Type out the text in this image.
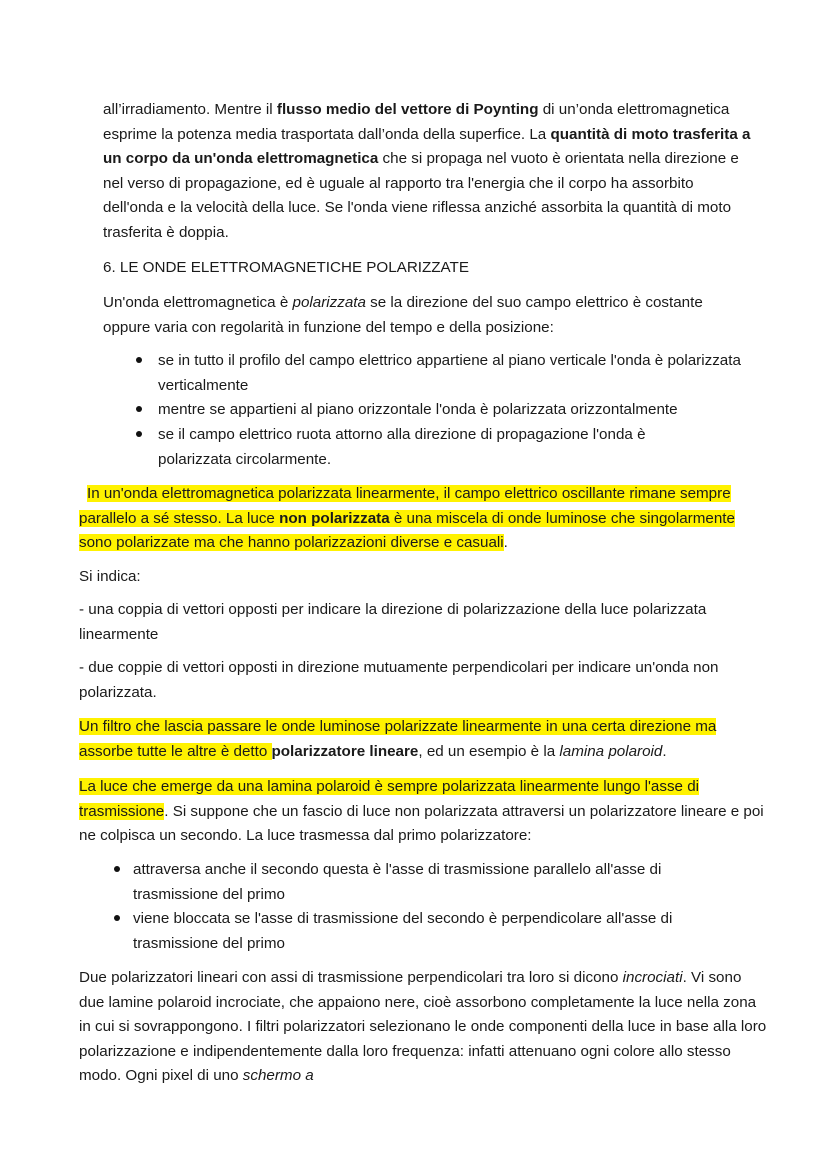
all’irradiamento. Mentre il flusso medio del vettore di Poynting di un’onda elettromagnetica esprime la potenza media trasportata dall’onda della superfice. La quantità di moto trasferita a un corpo da un'onda elettromagnetica che si propaga nel vuoto è orientata nella direzione e nel verso di propagazione, ed è uguale al rapporto tra l'energia che il corpo ha assorbito dell'onda e la velocità della luce. Se l'onda viene riflessa anziché assorbita la quantità di moto trasferita è doppia.

6. LE ONDE ELETTROMAGNETICHE POLARIZZATE

Un'onda elettromagnetica è polarizzata se la direzione del suo campo elettrico è costante oppure varia con regolarità in funzione del tempo e della posizione:

se in tutto il profilo del campo elettrico appartiene al piano verticale l'onda è polarizzata verticalmente

mentre se appartieni al piano orizzontale l'onda è polarizzata orizzontalmente

se il campo elettrico ruota attorno alla direzione di propagazione l'onda è polarizzata circolarmente.

In un'onda elettromagnetica polarizzata linearmente, il campo elettrico oscillante rimane sempre parallelo a sé stesso. La luce non polarizzata è una miscela di onde luminose che singolarmente sono polarizzate ma che hanno polarizzazioni diverse e casuali.

Si indica:

- una coppia di vettori opposti per indicare la direzione di polarizzazione della luce polarizzata linearmente

- due coppie di vettori opposti in direzione mutuamente perpendicolari per indicare un'onda non polarizzata.

Un filtro che lascia passare le onde luminose polarizzate linearmente in una certa direzione ma assorbe tutte le altre è detto polarizzatore lineare, ed un esempio è la lamina polaroid.

La luce che emerge da una lamina polaroid è sempre polarizzata linearmente lungo l'asse di trasmissione. Si suppone che un fascio di luce non polarizzata attraversi un polarizzatore lineare e poi ne colpisca un secondo. La luce trasmessa dal primo polarizzatore:

attraversa anche il secondo questa è l'asse di trasmissione parallelo all'asse di trasmissione del primo

viene bloccata se l'asse di trasmissione del secondo è perpendicolare all'asse di trasmissione del primo

Due polarizzatori lineari con assi di trasmissione perpendicolari tra loro si dicono incrociati. Vi sono due lamine polaroid incrociate, che appaiono nere, cioè assorbono completamente la luce nella zona in cui si sovrappongono. I filtri polarizzatori selezionano le onde componenti della luce in base alla loro polarizzazione e indipendentemente dalla loro frequenza: infatti attenuano ogni colore allo stesso modo. Ogni pixel di uno schermo a
